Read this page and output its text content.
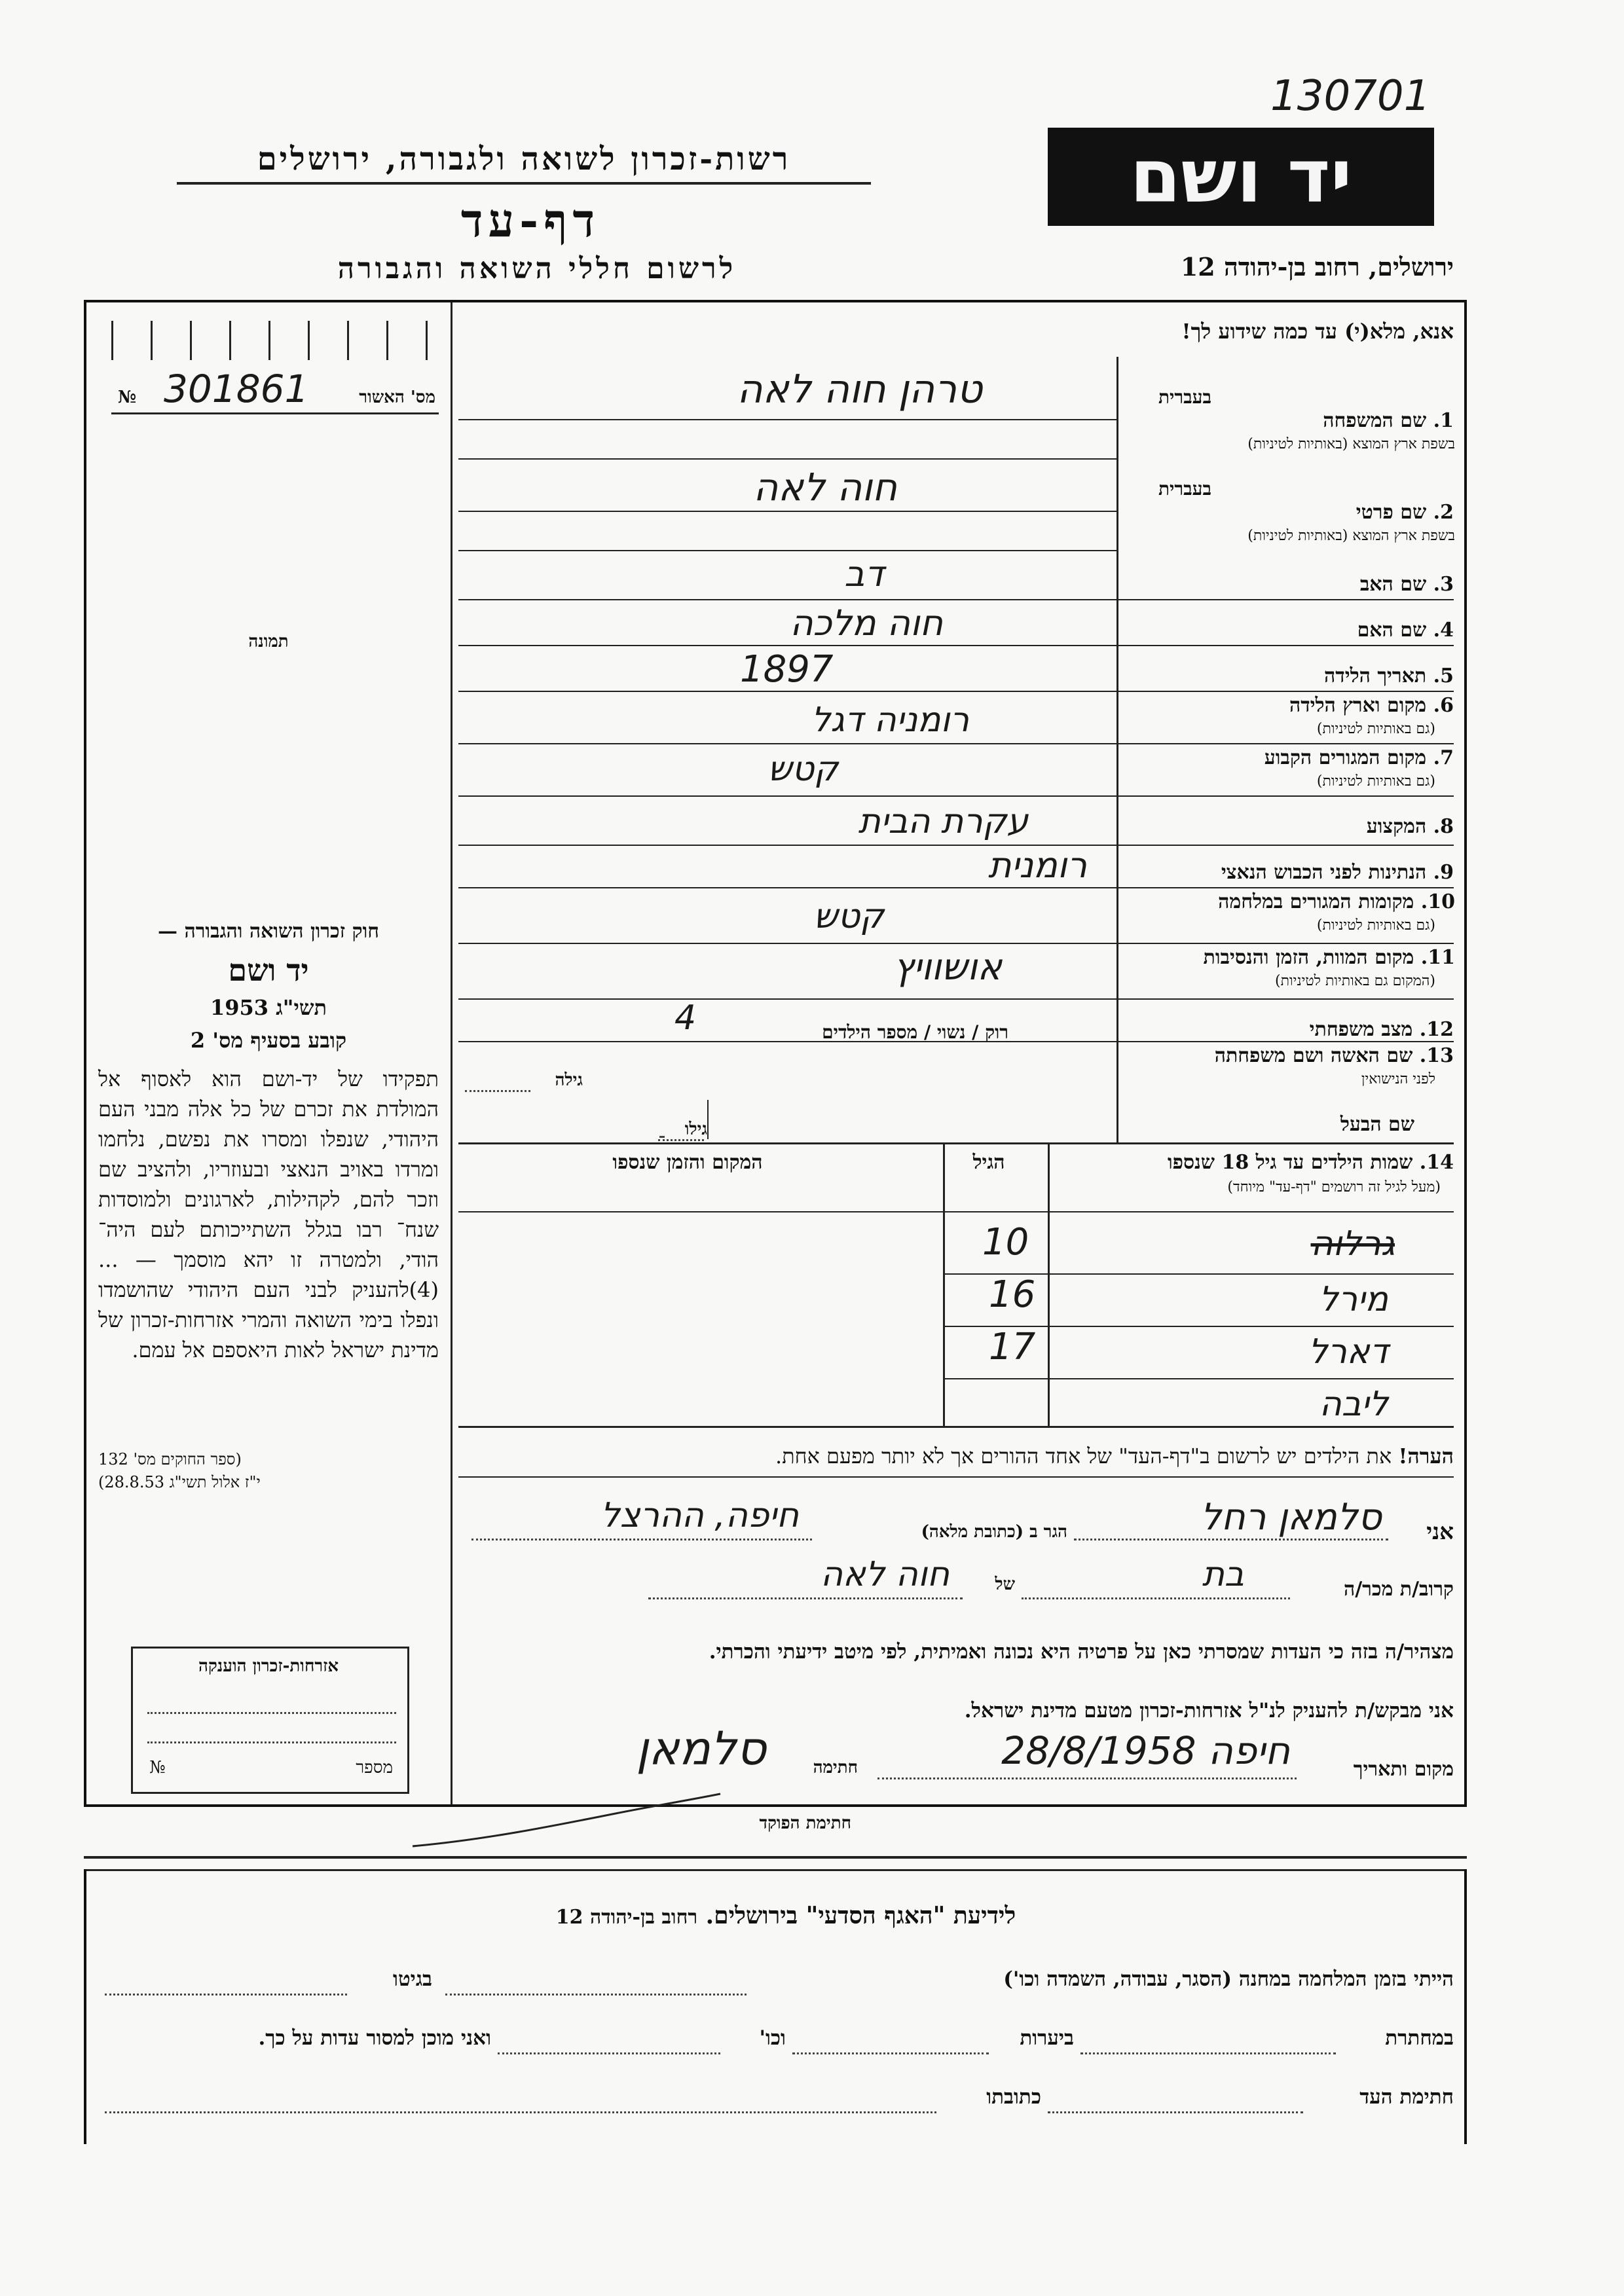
130701
יד ושם
רשות-זכרון לשואה ולגבורה, ירושלים
דף-עד
לרשום חללי השואה והגבורה	ירושלים, רחוב בן-יהודה 12
מס' האשור
301861
№
תמונה
חוק זכרון השואה והגבורה —
יד ושם
תשי"ג 1953
קובע בסעיף מס' 2
תפקידו של יד-ושם הוא לאסוף אל המולדת את זכרם של כל אלה מבני העם היהודי, שנפלו ומסרו את נפשם, נלחמו ומרדו באויב הנאצי ובעוזריו, ולהציב שם וזכר להם, לקהילות, לארגונים ולמוסדות שנח־ רבו בגלל השתייכותם לעם היה־ הודי, ולמטרה זו יהא מוסמך — ...(4)להעניק לבני העם היהודי שהושמדו ונפלו בימי השואה והמרי אזרחות-זכרון של מדינת ישראל לאות היאספם אל עמם.
(ספר החוקים מס' 132
י"ז אלול תשי"ג 28.8.53)
אזרחות-זכרון הוענקה
מספר
№
אנא, מלא(י) עד כמה שידוע לך!
בעברית
1. שם המשפחה
בשפת ארץ המוצא (באותיות לטיניות)
בעברית
2. שם פרטי
בשפת ארץ המוצא (באותיות לטיניות)
3. שם האב
4. שם האם
5. תאריך הלידה
6. מקום וארץ הלידה
(גם באותיות לטיניות)
7. מקום המגורים הקבוע
(גם באותיות לטיניות)
8. המקצוע
9. הנתינות לפני הכבוש הנאצי
10. מקומות המגורים במלחמה
(גם באותיות לטיניות)
11. מקום המוות, הזמן והנסיבות
(המקום גם באותיות לטיניות)
12. מצב משפחתי
13. שם האשה ושם משפחתה
לפני הנישואין
שם הבעל
טרהן חוה לאה
חוה לאה
דב
חוה מלכה
1897
רומניה דגל
קטש
עקרת הבית
רומנית
קטש
אושוויץ
רוק / נשוי / מספר הילדים
4
גילה
גילו
14. שמות הילדים עד גיל 18 שנספו
(מעל לגיל זה רושמים "דף-עד" מיוחד)
הגיל
המקום והזמן שנספו
גרלוה
10
מירל
16
דארל
17
ליבה
הערה! את הילדים יש לרשום ב"דף-העד" של אחד ההורים אך לא יותר מפעם אחת.
אני
סלמאן רחל
הגר ב (כתובת מלאה)
חיפה, ההרצל
קרוב/ת מכר/ה
בת
של
חוה לאה
מצהיר/ה בזה כי העדות שמסרתי כאן על פרטיה היא נכונה ואמיתית, לפי מיטב ידיעתי והכרתי.
אני מבקש/ת להעניק לנ"ל אזרחות-זכרון מטעם מדינת ישראל.
מקום ותאריך
חיפה 28/8/1958
חתימה
סלמאן
חתימת הפוקד
לידיעת "האגף הסדעי" בירושלים. רחוב בן-יהודה 12
הייתי בזמן המלחמה במחנה (הסגר, עבודה, השמדה וכו')
בגיטו
במחתרת
ביערות
וכו'
ואני מוכן למסור עדות על כך.
חתימת העד
כתובתו
